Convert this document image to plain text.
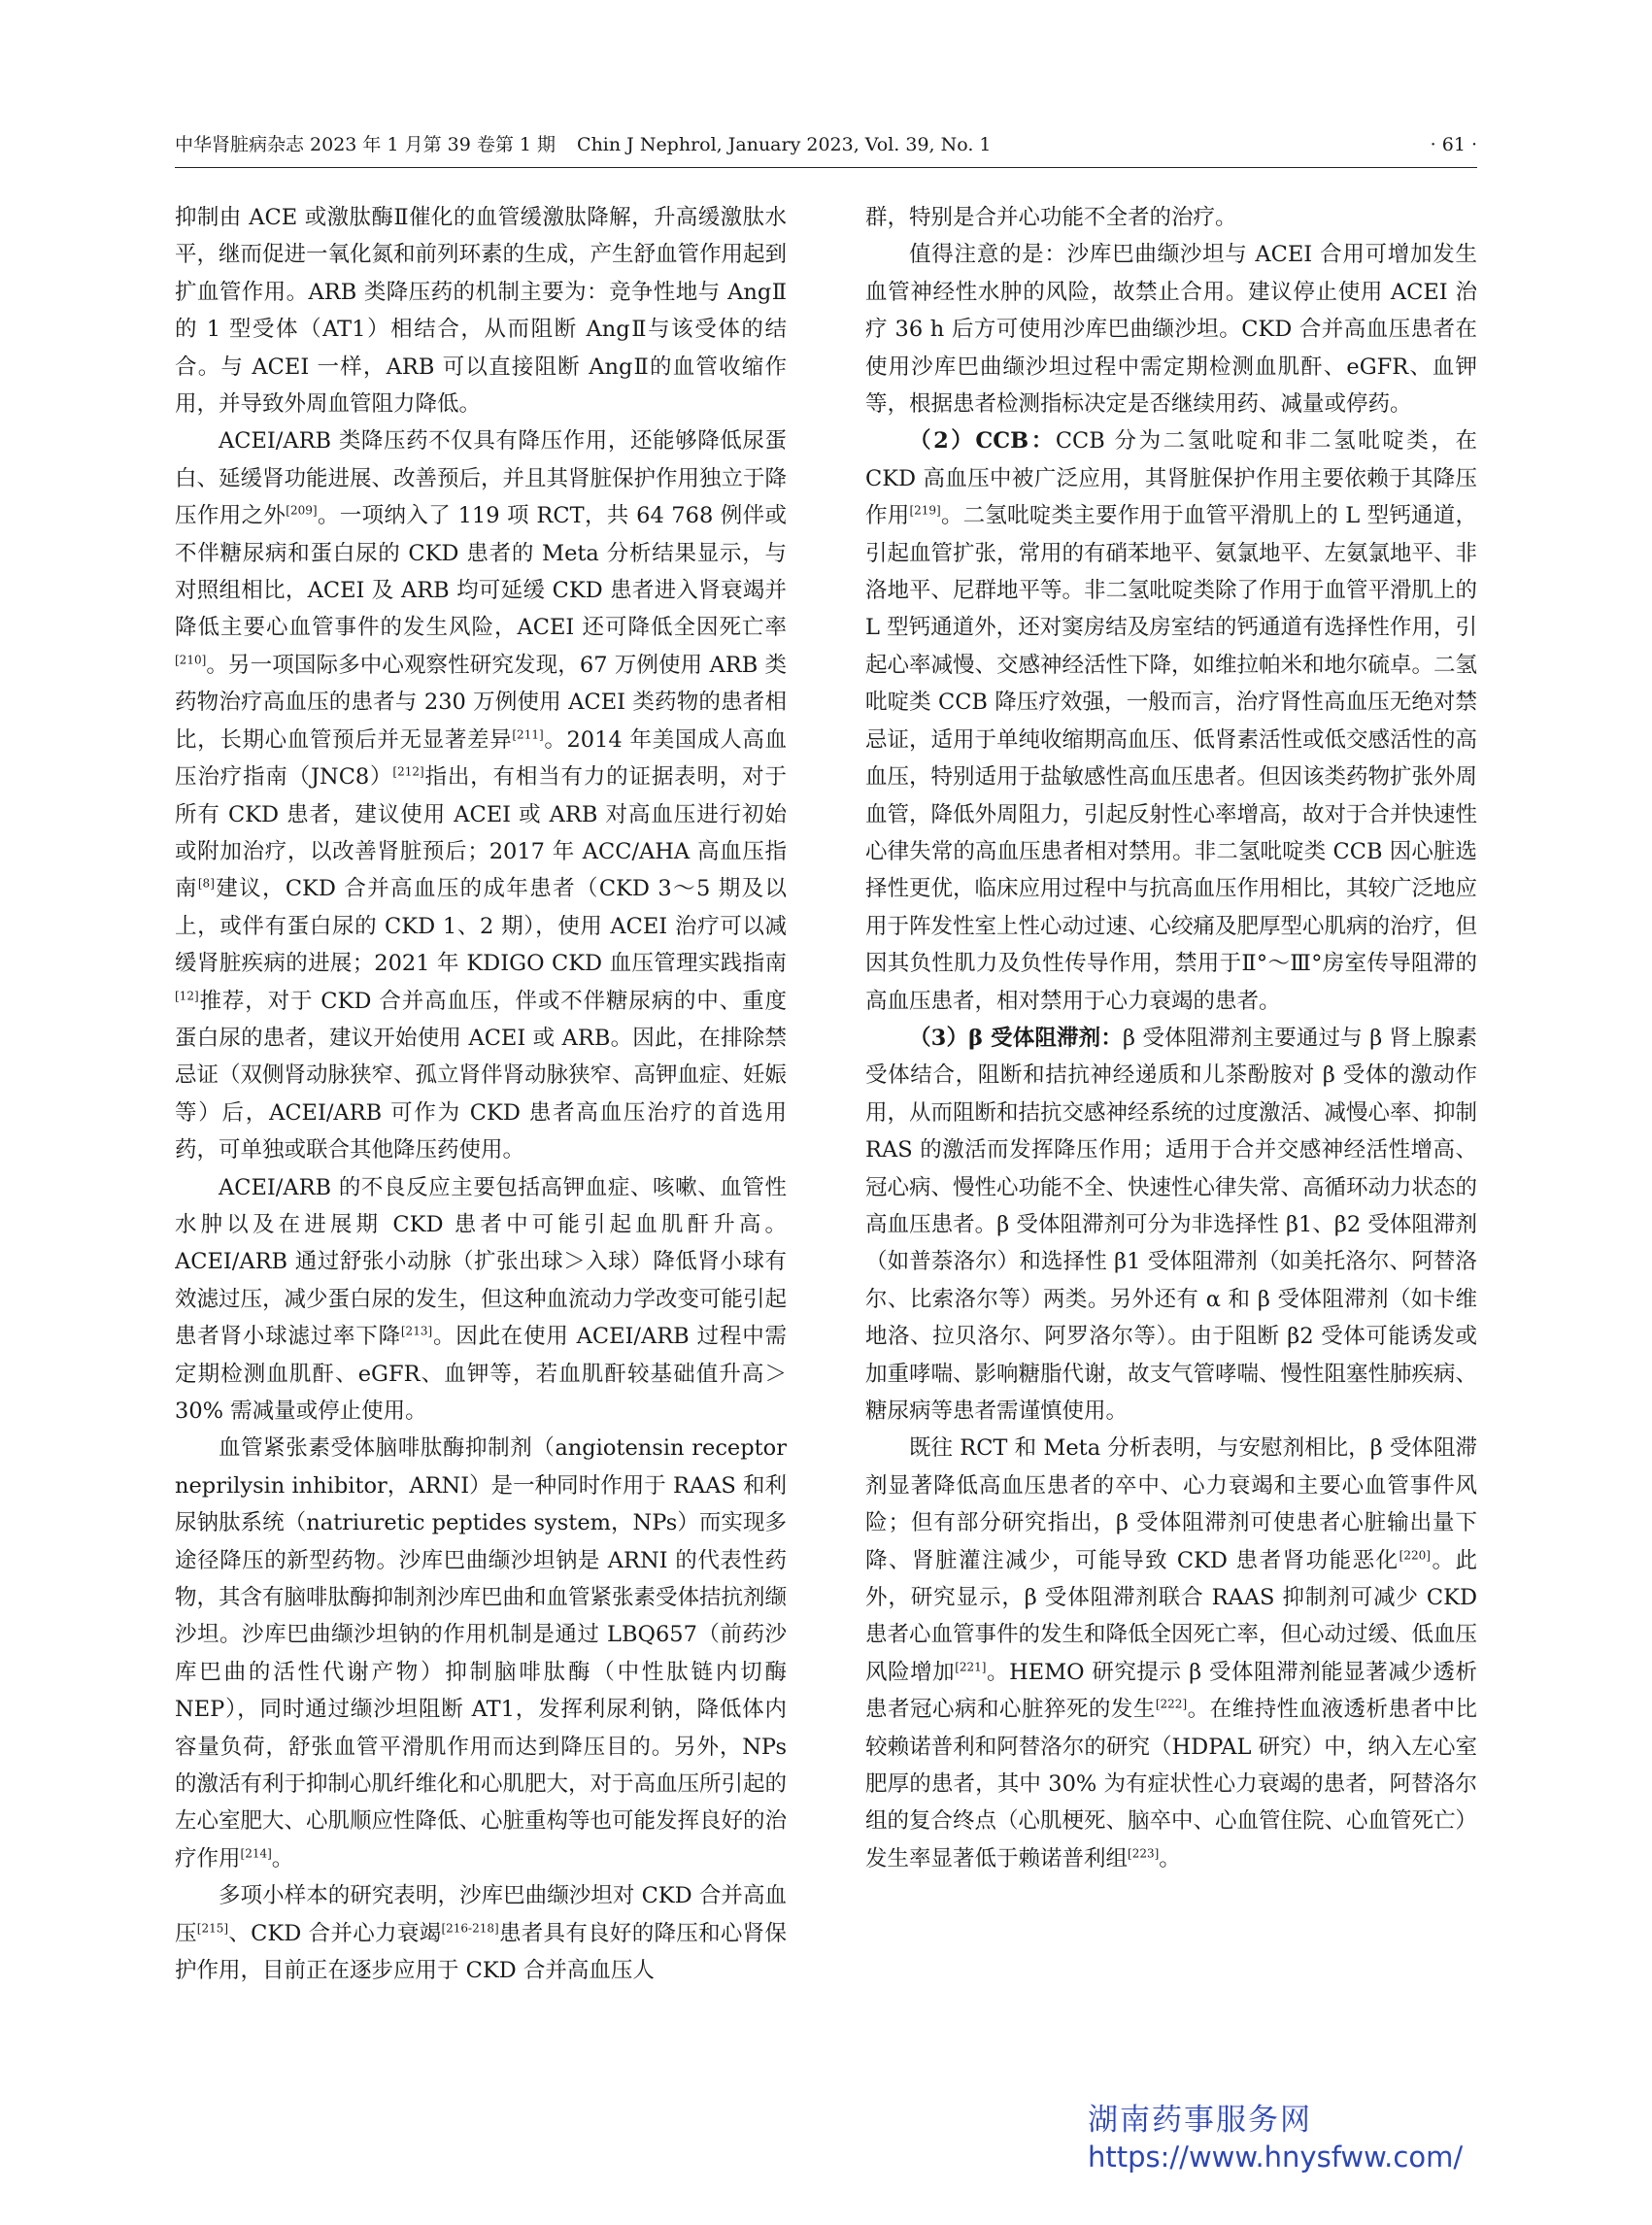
中华肾脏病杂志 2023 年 1 月第 39 卷第 1 期 Chin J Nephrol, January 2023, Vol. 39, No. 1	· 61 ·

抑制由 ACE 或激肽酶Ⅱ催化的血管缓激肽降解，升高缓激肽水平，继而促进一氧化氮和前列环素的生成，产生舒血管作用起到扩血管作用。ARB 类降压药的机制主要为：竞争性地与 AngⅡ的 1 型受体（AT1）相结合，从而阻断 AngⅡ与该受体的结合。与 ACEI 一样，ARB 可以直接阻断 AngⅡ的血管收缩作用，并导致外周血管阻力降低。

ACEI/ARB 类降压药不仅具有降压作用，还能够降低尿蛋白、延缓肾功能进展、改善预后，并且其肾脏保护作用独立于降压作用之外[209]。一项纳入了 119 项 RCT，共 64 768 例伴或不伴糖尿病和蛋白尿的 CKD 患者的 Meta 分析结果显示，与对照组相比，ACEI 及 ARB 均可延缓 CKD 患者进入肾衰竭并降低主要心血管事件的发生风险，ACEI 还可降低全因死亡率[210]。另一项国际多中心观察性研究发现，67 万例使用 ARB 类药物治疗高血压的患者与 230 万例使用 ACEI 类药物的患者相比，长期心血管预后并无显著差异[211]。2014 年美国成人高血压治疗指南（JNC8）[212]指出，有相当有力的证据表明，对于所有 CKD 患者，建议使用 ACEI 或 ARB 对高血压进行初始或附加治疗，以改善肾脏预后；2017 年 ACC/AHA 高血压指南[8]建议，CKD 合并高血压的成年患者（CKD 3～5 期及以上，或伴有蛋白尿的 CKD 1、2 期），使用 ACEI 治疗可以减缓肾脏疾病的进展；2021 年 KDIGO CKD 血压管理实践指南[12]推荐，对于 CKD 合并高血压，伴或不伴糖尿病的中、重度蛋白尿的患者，建议开始使用 ACEI 或 ARB。因此，在排除禁忌证（双侧肾动脉狭窄、孤立肾伴肾动脉狭窄、高钾血症、妊娠等）后，ACEI/ARB 可作为 CKD 患者高血压治疗的首选用药，可单独或联合其他降压药使用。

ACEI/ARB 的不良反应主要包括高钾血症、咳嗽、血管性水肿以及在进展期 CKD 患者中可能引起血肌酐升高。ACEI/ARB 通过舒张小动脉（扩张出球＞入球）降低肾小球有效滤过压，减少蛋白尿的发生，但这种血流动力学改变可能引起患者肾小球滤过率下降[213]。因此在使用 ACEI/ARB 过程中需定期检测血肌酐、eGFR、血钾等，若血肌酐较基础值升高＞30% 需减量或停止使用。

血管紧张素受体脑啡肽酶抑制剂（angiotensin receptor neprilysin inhibitor，ARNI）是一种同时作用于 RAAS 和利尿钠肽系统（natriuretic peptides system，NPs）而实现多途径降压的新型药物。沙库巴曲缬沙坦钠是 ARNI 的代表性药物，其含有脑啡肽酶抑制剂沙库巴曲和血管紧张素受体拮抗剂缬沙坦。沙库巴曲缬沙坦钠的作用机制是通过 LBQ657（前药沙库巴曲的活性代谢产物）抑制脑啡肽酶（中性肽链内切酶 NEP），同时通过缬沙坦阻断 AT1，发挥利尿利钠，降低体内容量负荷，舒张血管平滑肌作用而达到降压目的。另外，NPs 的激活有利于抑制心肌纤维化和心肌肥大，对于高血压所引起的左心室肥大、心肌顺应性降低、心脏重构等也可能发挥良好的治疗作用[214]。

多项小样本的研究表明，沙库巴曲缬沙坦对 CKD 合并高血压[215]、CKD 合并心力衰竭[216-218]患者具有良好的降压和心肾保护作用，目前正在逐步应用于 CKD 合并高血压人

群，特别是合并心功能不全者的治疗。

值得注意的是：沙库巴曲缬沙坦与 ACEI 合用可增加发生血管神经性水肿的风险，故禁止合用。建议停止使用 ACEI 治疗 36 h 后方可使用沙库巴曲缬沙坦。CKD 合并高血压患者在使用沙库巴曲缬沙坦过程中需定期检测血肌酐、eGFR、血钾等，根据患者检测指标决定是否继续用药、减量或停药。

（2）CCB：CCB 分为二氢吡啶和非二氢吡啶类，在 CKD 高血压中被广泛应用，其肾脏保护作用主要依赖于其降压作用[219]。二氢吡啶类主要作用于血管平滑肌上的 L 型钙通道，引起血管扩张，常用的有硝苯地平、氨氯地平、左氨氯地平、非洛地平、尼群地平等。非二氢吡啶类除了作用于血管平滑肌上的 L 型钙通道外，还对窦房结及房室结的钙通道有选择性作用，引起心率减慢、交感神经活性下降，如维拉帕米和地尔硫卓。二氢吡啶类 CCB 降压疗效强，一般而言，治疗肾性高血压无绝对禁忌证，适用于单纯收缩期高血压、低肾素活性或低交感活性的高血压，特别适用于盐敏感性高血压患者。但因该类药物扩张外周血管，降低外周阻力，引起反射性心率增高，故对于合并快速性心律失常的高血压患者相对禁用。非二氢吡啶类 CCB 因心脏选择性更优，临床应用过程中与抗高血压作用相比，其较广泛地应用于阵发性室上性心动过速、心绞痛及肥厚型心肌病的治疗，但因其负性肌力及负性传导作用，禁用于Ⅱ°～Ⅲ°房室传导阻滞的高血压患者，相对禁用于心力衰竭的患者。

（3）β 受体阻滞剂：β 受体阻滞剂主要通过与 β 肾上腺素受体结合，阻断和拮抗神经递质和儿茶酚胺对 β 受体的激动作用，从而阻断和拮抗交感神经系统的过度激活、减慢心率、抑制 RAS 的激活而发挥降压作用；适用于合并交感神经活性增高、冠心病、慢性心功能不全、快速性心律失常、高循环动力状态的高血压患者。β 受体阻滞剂可分为非选择性 β1、β2 受体阻滞剂（如普萘洛尔）和选择性 β1 受体阻滞剂（如美托洛尔、阿替洛尔、比索洛尔等）两类。另外还有 α 和 β 受体阻滞剂（如卡维地洛、拉贝洛尔、阿罗洛尔等）。由于阻断 β2 受体可能诱发或加重哮喘、影响糖脂代谢，故支气管哮喘、慢性阻塞性肺疾病、糖尿病等患者需谨慎使用。

既往 RCT 和 Meta 分析表明，与安慰剂相比，β 受体阻滞剂显著降低高血压患者的卒中、心力衰竭和主要心血管事件风险；但有部分研究指出，β 受体阻滞剂可使患者心脏输出量下降、肾脏灌注减少，可能导致 CKD 患者肾功能恶化[220]。此外，研究显示，β 受体阻滞剂联合 RAAS 抑制剂可减少 CKD 患者心血管事件的发生和降低全因死亡率，但心动过缓、低血压风险增加[221]。HEMO 研究提示 β 受体阻滞剂能显著减少透析患者冠心病和心脏猝死的发生[222]。在维持性血液透析患者中比较赖诺普利和阿替洛尔的研究（HDPAL 研究）中，纳入左心室肥厚的患者，其中 30% 为有症状性心力衰竭的患者，阿替洛尔组的复合终点（心肌梗死、脑卒中、心血管住院、心血管死亡）发生率显著低于赖诺普利组[223]。

湖南药事服务网
https://www.hnysfww.com/
